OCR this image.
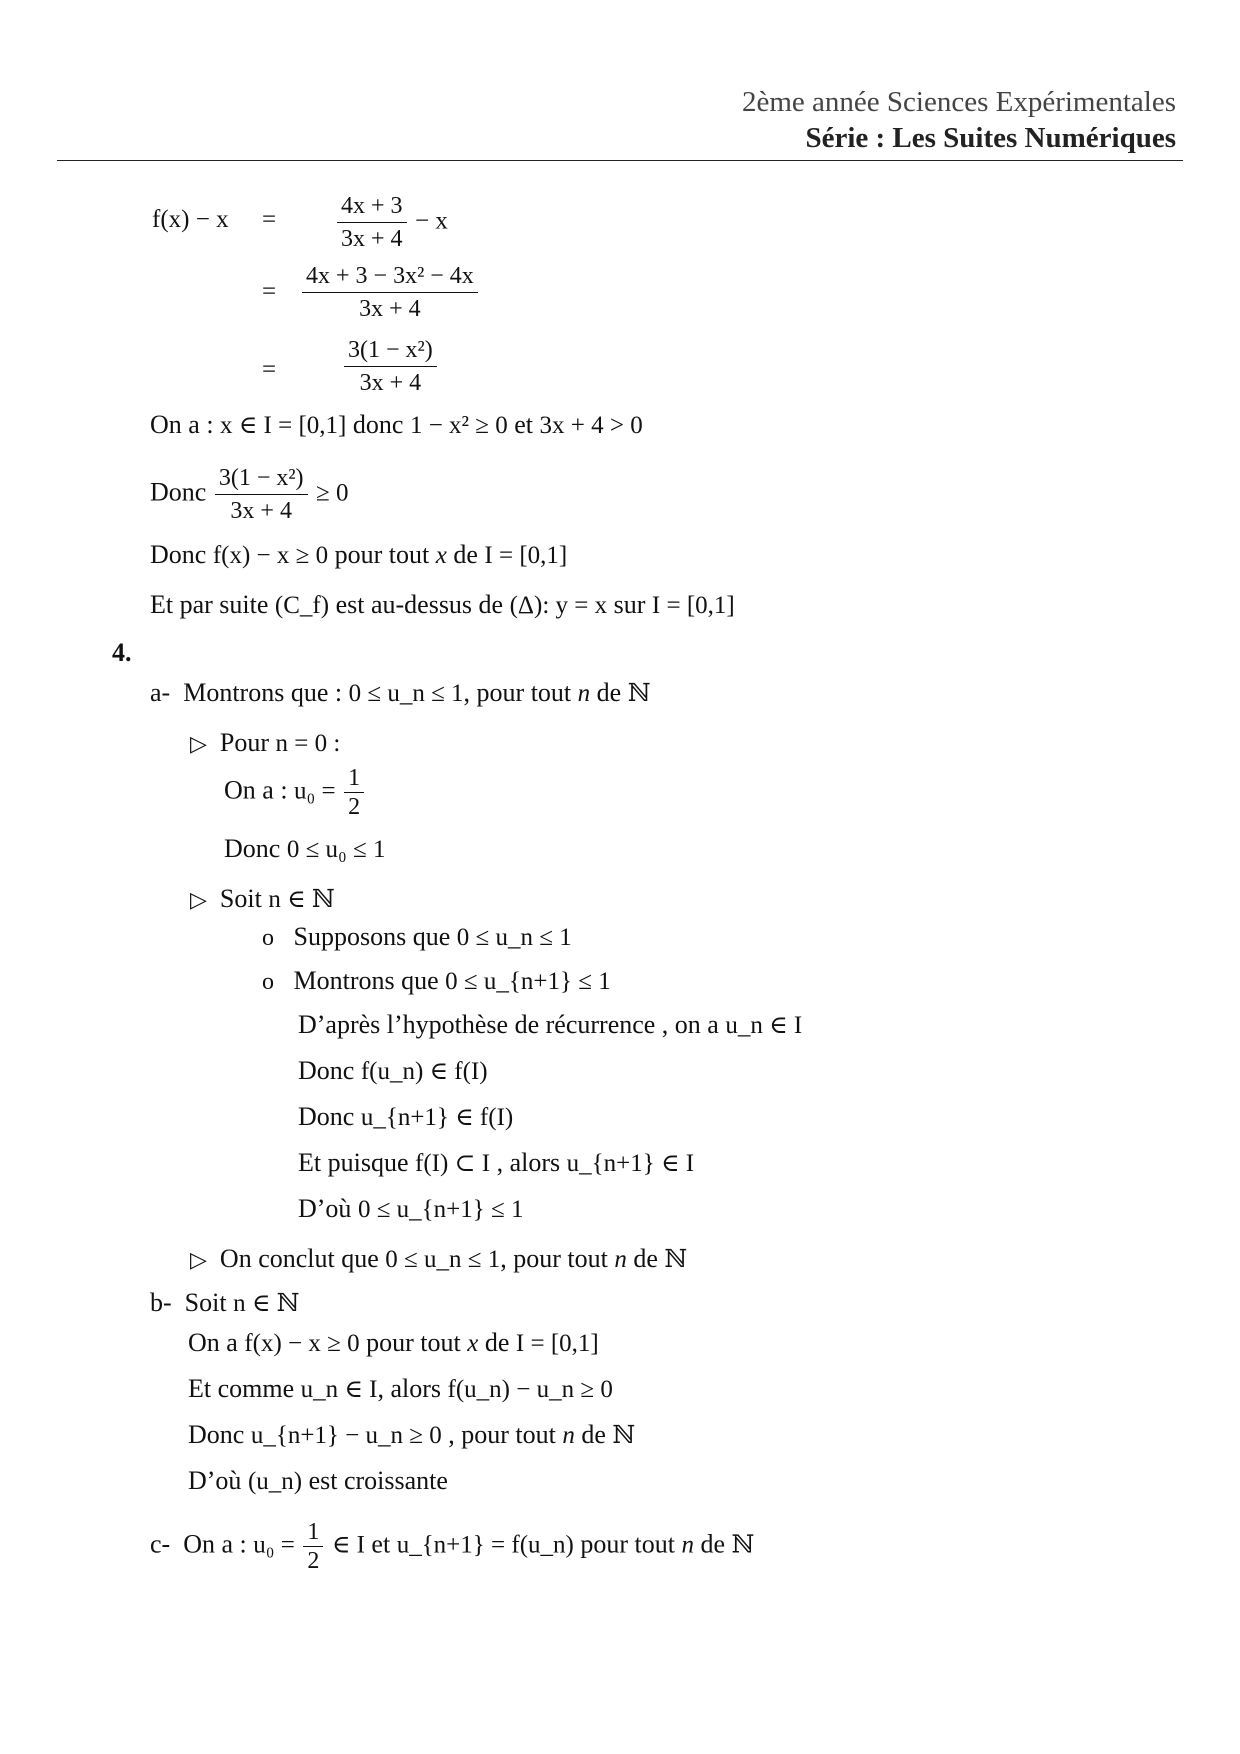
2ème année Sciences Expérimentales
Série : Les Suites Numériques
f(x) − x =	$\frac{4x + 3}{3x + 4} - x$
= $\frac{\text{4x + 3 − 3x² − 4x}}{3x + 4}$
=	$\frac{\text{3(1 − x²)}}{3x + 4}$
On a : x ∈ I = [0,1] donc 1 − x² ≥ 0 et 3x + 4 > 0
Donc $\frac{\text{3(1 − x²)}}{3x + 4} \ge 0$
Donc f(x) − x ≥ 0 pour tout x de I = [0,1]
Et par suite (C_f) est au-dessus de (Δ): y = x sur I = [0,1]
4.
a- Montrons que : 0 ≤ u_n ≤ 1, pour tout n de ℕ
▷ Pour n = 0 :
On a : $u_0 = \frac{1}{2}$
Donc 0 ≤ u₀ ≤ 1
▷ Soit n ∈ ℕ
o Supposons que 0 ≤ u_n ≤ 1
o Montrons que 0 ≤ u_{n+1} ≤ 1
D’après l’hypothèse de récurrence , on a u_n ∈ I
Donc f(u_n) ∈ f(I)
Donc u_{n+1} ∈ f(I)
Et puisque f(I) ⊂ I , alors u_{n+1} ∈ I
D’où 0 ≤ u_{n+1} ≤ 1
▷ On conclut que 0 ≤ u_n ≤ 1, pour tout n de ℕ
b- Soit n ∈ ℕ
On a f(x) − x ≥ 0 pour tout x de I = [0,1]
Et comme u_n ∈ I, alors f(u_n) − u_n ≥ 0
Donc u_{n+1} − u_n ≥ 0 , pour tout n de ℕ
D’où (u_n) est croissante
c- On a : $u_0 = \frac{1}{2}$ ∈ I et u_{n+1} = f(u_n) pour tout n de ℕ
